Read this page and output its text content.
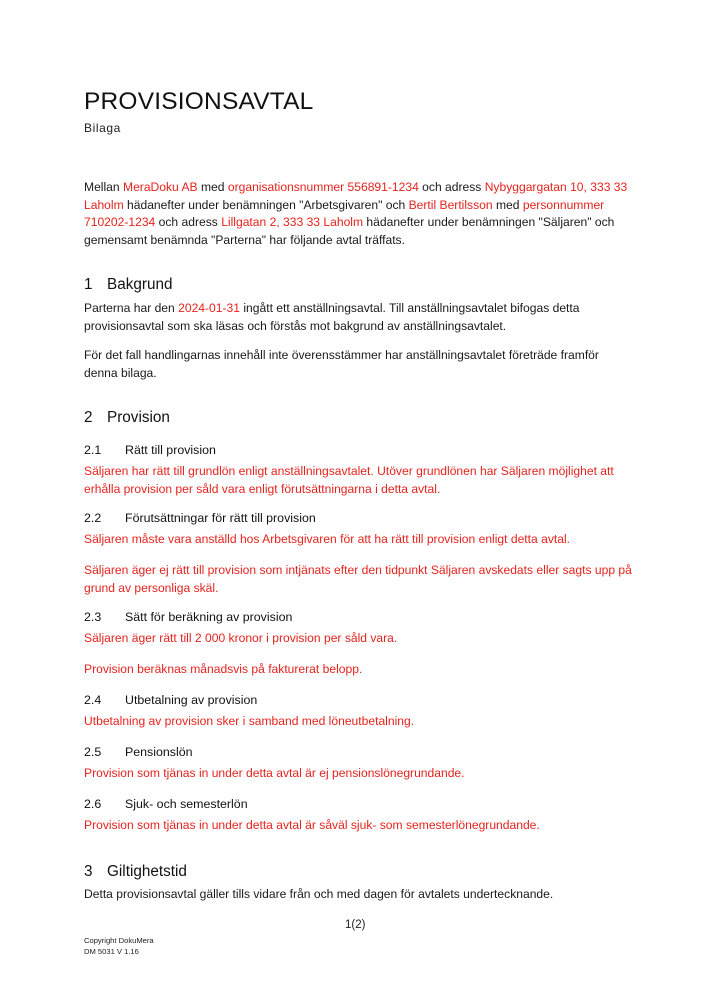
PROVISIONSAVTAL
Bilaga
Mellan MeraDoku AB med organisationsnummer 556891-1234 och adress Nybyggargatan 10, 333 33 Laholm hädanefter under benämningen "Arbetsgivaren" och Bertil Bertilsson med personnummer 710202-1234 och adress Lillgatan 2, 333 33 Laholm hädanefter under benämningen "Säljaren" och gemensamt benämnda "Parterna" har följande avtal träffats.
1 Bakgrund
Parterna har den 2024-01-31 ingått ett anställningsavtal. Till anställningsavtalet bifogas detta provisionsavtal som ska läsas och förstås mot bakgrund av anställningsavtalet.
För det fall handlingarnas innehåll inte överensstämmer har anställningsavtalet företräde framför denna bilaga.
2 Provision
2.1 Rätt till provision
Säljaren har rätt till grundlön enligt anställningsavtalet. Utöver grundlönen har Säljaren möjlighet att erhålla provision per såld vara enligt förutsättningarna i detta avtal.
2.2 Förutsättningar för rätt till provision
Säljaren måste vara anställd hos Arbetsgivaren för att ha rätt till provision enligt detta avtal.
Säljaren äger ej rätt till provision som intjänats efter den tidpunkt Säljaren avskedats eller sagts upp på grund av personliga skäl.
2.3 Sätt för beräkning av provision
Säljaren äger rätt till 2 000 kronor i provision per såld vara.
Provision beräknas månadsvis på fakturerat belopp.
2.4 Utbetalning av provision
Utbetalning av provision sker i samband med löneutbetalning.
2.5 Pensionslön
Provision som tjänas in under detta avtal är ej pensionslönegrundande.
2.6 Sjuk- och semesterlön
Provision som tjänas in under detta avtal är såväl sjuk- som semesterlönegrundande.
3 Giltighetstid
Detta provisionsavtal gäller tills vidare från och med dagen för avtalets undertecknande.
1(2)
Copyright DokuMera
DM 5031 V 1.16
